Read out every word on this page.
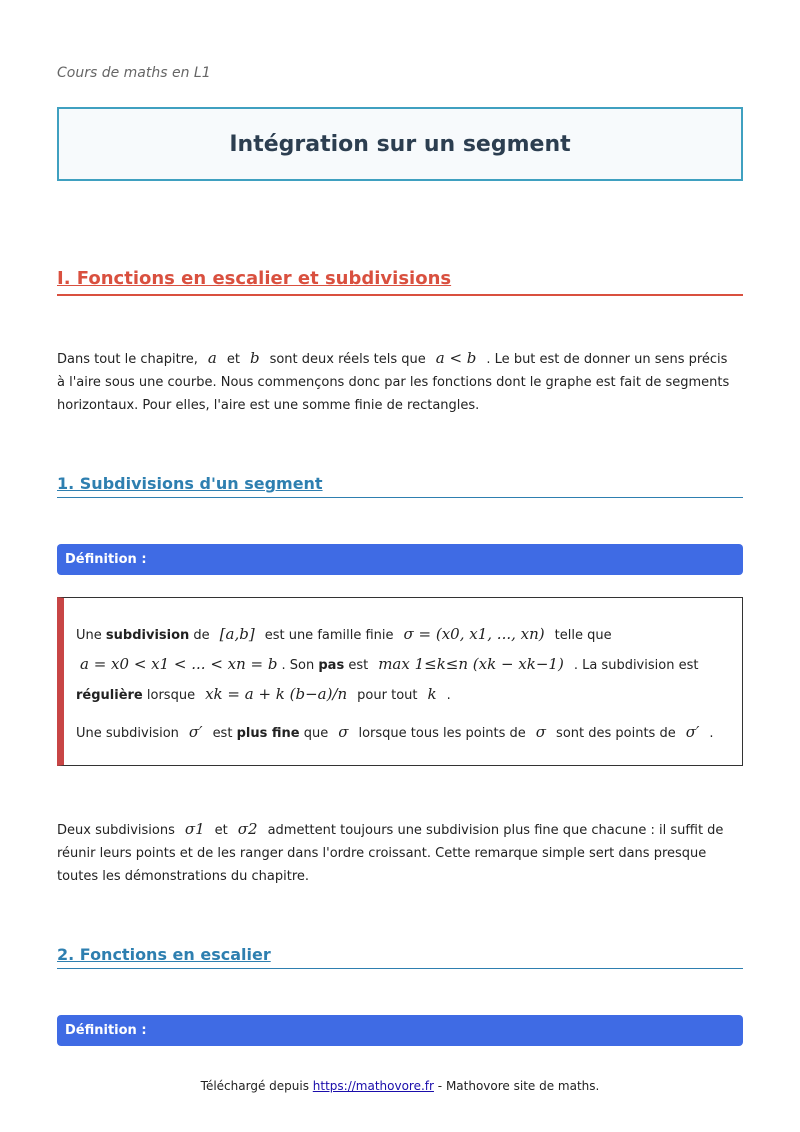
Cours de maths en L1
Intégration sur un segment
I. Fonctions en escalier et subdivisions
Dans tout le chapitre, a et b sont deux réels tels que a < b . Le but est de donner un sens précis à l'aire sous une courbe. Nous commençons donc par les fonctions dont le graphe est fait de segments horizontaux. Pour elles, l'aire est une somme finie de rectangles.
1. Subdivisions d'un segment
Définition :

Une subdivision de [a,b] est une famille finie σ = (x0, x1, ..., xn) telle que
a = x0 < x1 < ... < xn = b . Son pas est max 1≤k≤n (xk − xk−1) . La subdivision est
régulière lorsque xk = a + k (b−a)/n pour tout k .

Une subdivision σ′ est plus fine que σ lorsque tous les points de σ sont des points de σ′ .

Deux subdivisions σ1 et σ2 admettent toujours une subdivision plus fine que chacune : il suffit de réunir leurs points et de les ranger dans l'ordre croissant. Cette remarque simple sert dans presque toutes les démonstrations du chapitre.
2. Fonctions en escalier
Définition :
Téléchargé depuis https://mathovore.fr - Mathovore site de maths.
